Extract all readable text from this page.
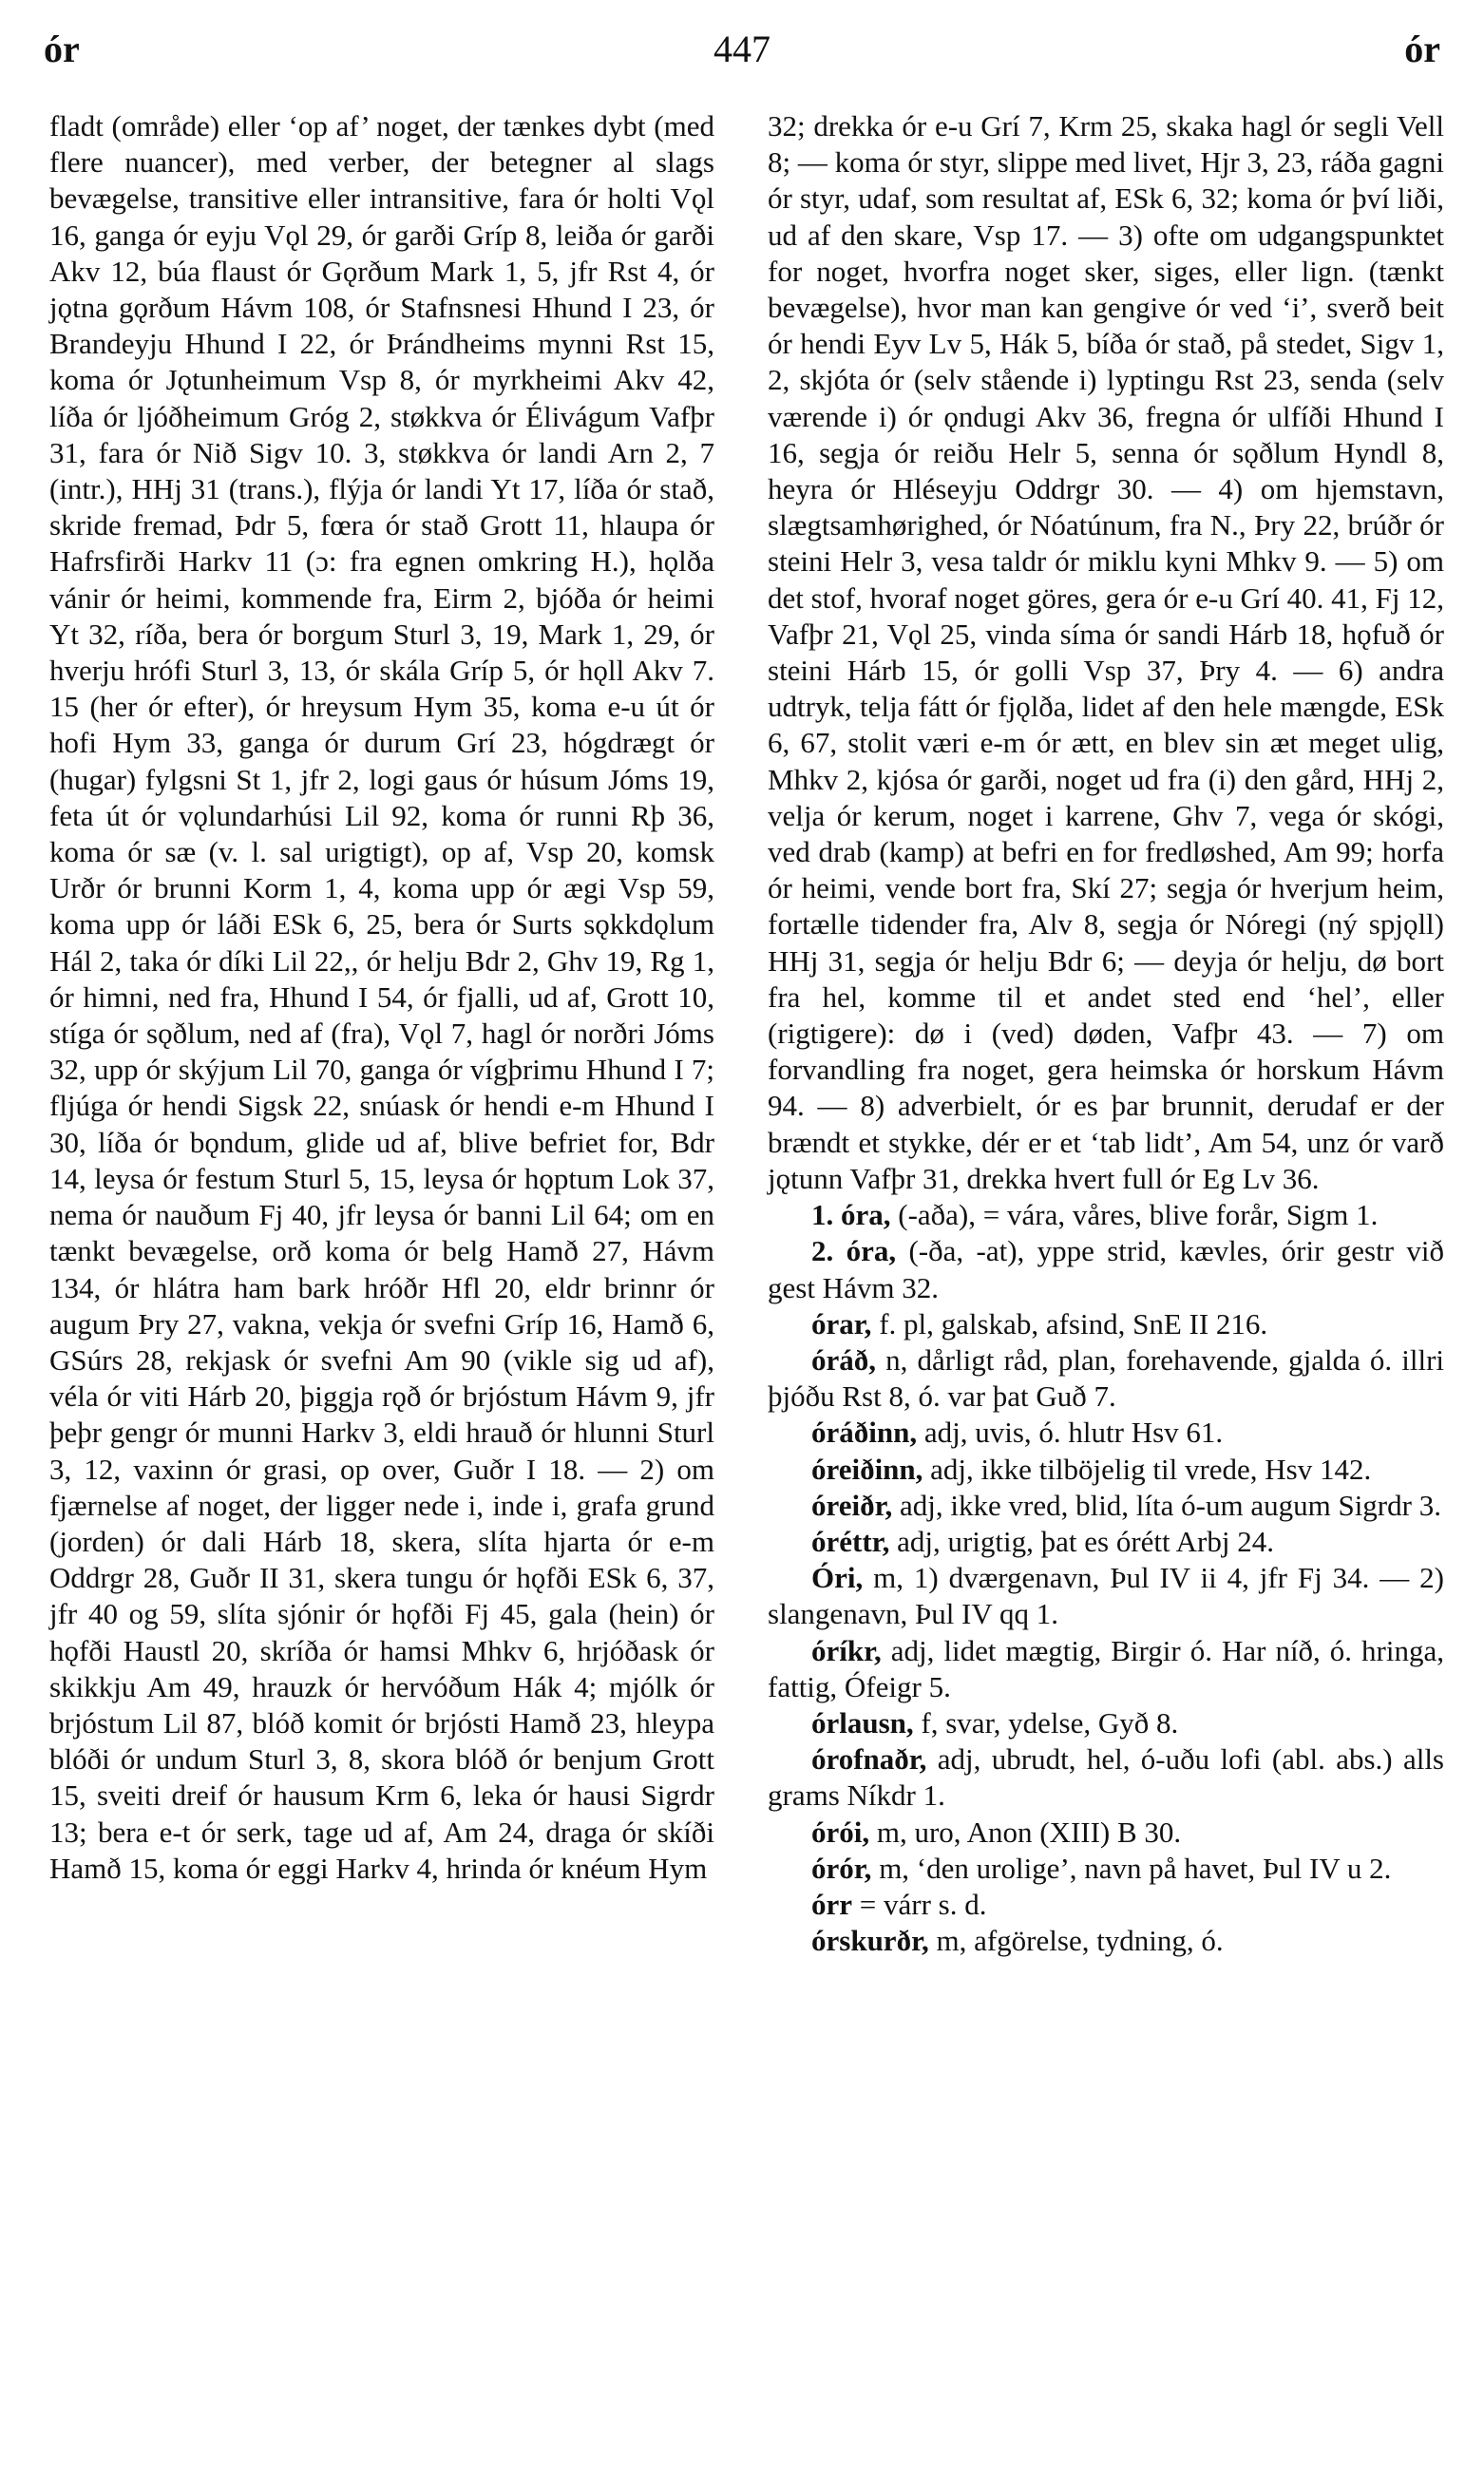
ór	447	ór

fladt (område) eller ‘op af’ noget, der tænkes dybt (med flere nuancer), med verber, der betegner al slags bevægelse, transitive eller intransitive, fara ór holti Vǫl 16, ganga ór eyju Vǫl 29, ór garði Gríp 8, leiða ór garði Akv 12, búa flaust ór Gǫrðum Mark 1, 5, jfr Rst 4, ór jǫtna gǫrðum Hávm 108, ór Stafnsnesi Hhund I 23, ór Brandeyju Hhund I 22, ór Þrándheims mynni Rst 15, koma ór Jǫtunheimum Vsp 8, ór myrkheimi Akv 42, líða ór ljóðheimum Gróg 2, støkkva ór Élivágum Vafþr 31, fara ór Nið Sigv 10. 3, støkkva ór landi Arn 2, 7 (intr.), HHj 31 (trans.), flýja ór landi Yt 17, líða ór stað, skride fremad, Þdr 5, fœra ór stað Grott 11, hlaupa ór Hafrsfirði Harkv 11 (ɔ: fra egnen omkring H.), hǫlða vánir ór heimi, kommende fra, Eirm 2, bjóða ór heimi Yt 32, ríða, bera ór borgum Sturl 3, 19, Mark 1, 29, ór hverju hrófi Sturl 3, 13, ór skála Gríp 5, ór hǫll Akv 7. 15 (her ór efter), ór hreysum Hym 35, koma e-u út ór hofi Hym 33, ganga ór durum Grí 23, hógdrægt ór (hugar) fylgsni St 1, jfr 2, logi gaus ór húsum Jóms 19, feta út ór vǫlundarhúsi Lil 92, koma ór runni Rþ 36, koma ór sæ (v. l. sal urigtigt), op af, Vsp 20, komsk Urðr ór brunni Korm 1, 4, koma upp ór ægi Vsp 59, koma upp ór láði ESk 6, 25, bera ór Surts sǫkkdǫlum Hál 2, taka ór díki Lil 22,, ór helju Bdr 2, Ghv 19, Rg 1, ór himni, ned fra, Hhund I 54, ór fjalli, ud af, Grott 10, stíga ór sǫðlum, ned af (fra), Vǫl 7, hagl ór norðri Jóms 32, upp ór skýjum Lil 70, ganga ór vígþrimu Hhund I 7; fljúga ór hendi Sigsk 22, snúask ór hendi e-m Hhund I 30, líða ór bǫndum, glide ud af, blive befriet for, Bdr 14, leysa ór festum Sturl 5, 15, leysa ór hǫptum Lok 37, nema ór nauðum Fj 40, jfr leysa ór banni Lil 64; om en tænkt bevægelse, orð koma ór belg Hamð 27, Hávm 134, ór hlátra ham bark hróðr Hfl 20, eldr brinnr ór augum Þry 27, vakna, vekja ór svefni Gríp 16, Hamð 6, GSúrs 28, rekjask ór svefni Am 90 (vikle sig ud af), véla ór viti Hárb 20, þiggja rǫð ór brjóstum Hávm 9, jfr þeþr gengr ór munni Harkv 3, eldi hrauð ór hlunni Sturl 3, 12, vaxinn ór grasi, op over, Guðr I 18. — 2) om fjærnelse af noget, der ligger nede i, inde i, grafa grund (jorden) ór dali Hárb 18, skera, slíta hjarta ór e-m Oddrgr 28, Guðr II 31, skera tungu ór hǫfði ESk 6, 37, jfr 40 og 59, slíta sjónir ór hǫfði Fj 45, gala (hein) ór hǫfði Haustl 20, skríða ór hamsi Mhkv 6, hrjóðask ór skikkju Am 49, hrauzk ór hervóðum Hák 4; mjólk ór brjóstum Lil 87, blóð komit ór brjósti Hamð 23, hleypa blóði ór undum Sturl 3, 8, skora blóð ór benjum Grott 15, sveiti dreif ór hausum Krm 6, leka ór hausi Sigrdr 13; bera e-t ór serk, tage ud af, Am 24, draga ór skíði Hamð 15, koma ór eggi Harkv 4, hrinda ór knéum Hym

32; drekka ór e-u Grí 7, Krm 25, skaka hagl ór segli Vell 8; — koma ór styr, slippe med livet, Hjr 3, 23, ráða gagni ór styr, udaf, som resultat af, ESk 6, 32; koma ór því liði, ud af den skare, Vsp 17. — 3) ofte om udgangspunktet for noget, hvorfra noget sker, siges, eller lign. (tænkt bevægelse), hvor man kan gengive ór ved ‘i’, sverð beit ór hendi Eyv Lv 5, Hák 5, bíða ór stað, på stedet, Sigv 1, 2, skjóta ór (selv stående i) lyptingu Rst 23, senda (selv værende i) ór ǫndugi Akv 36, fregna ór ulfíði Hhund I 16, segja ór reiðu Helr 5, senna ór sǫðlum Hyndl 8, heyra ór Hléseyju Oddrgr 30. — 4) om hjemstavn, slægtsamhørighed, ór Nóatúnum, fra N., Þry 22, brúðr ór steini Helr 3, vesa taldr ór miklu kyni Mhkv 9. — 5) om det stof, hvoraf noget göres, gera ór e-u Grí 40. 41, Fj 12, Vafþr 21, Vǫl 25, vinda síma ór sandi Hárb 18, hǫfuð ór steini Hárb 15, ór golli Vsp 37, Þry 4. — 6) andra udtryk, telja fátt ór fjǫlða, lidet af den hele mængde, ESk 6, 67, stolit væri e-m ór ætt, en blev sin æt meget ulig, Mhkv 2, kjósa ór garði, noget ud fra (i) den gård, HHj 2, velja ór kerum, noget i karrene, Ghv 7, vega ór skógi, ved drab (kamp) at befri en for fredløshed, Am 99; horfa ór heimi, vende bort fra, Skí 27; segja ór hverjum heim, fortælle tidender fra, Alv 8, segja ór Nóregi (ný spjǫll) HHj 31, segja ór helju Bdr 6; — deyja ór helju, dø bort fra hel, komme til et andet sted end ‘hel’, eller (rigtigere): dø i (ved) døden, Vafþr 43. — 7) om forvandling fra noget, gera heimska ór horskum Hávm 94. — 8) adverbielt, ór es þar brunnit, derudaf er der brændt et stykke, dér er et ‘tab lidt’, Am 54, unz ór varð jǫtunn Vafþr 31, drekka hvert full ór Eg Lv 36.

1. óra, (-aða), = vára, våres, blive forår, Sigm 1.

2. óra, (-ða, -at), yppe strid, kævles, órir gestr við gest Hávm 32.

órar, f. pl, galskab, afsind, SnE II 216.

óráð, n, dårligt råd, plan, forehavende, gjalda ó. illri þjóðu Rst 8, ó. var þat Guð 7.

óráðinn, adj, uvis, ó. hlutr Hsv 61.

óreiðinn, adj, ikke tilböjelig til vrede, Hsv 142.

óreiðr, adj, ikke vred, blid, líta ó-um augum Sigrdr 3.

óréttr, adj, urigtig, þat es órétt Arbj 24.

Óri, m, 1) dværgenavn, Þul IV ii 4, jfr Fj 34. — 2) slangenavn, Þul IV qq 1.

óríkr, adj, lidet mægtig, Birgir ó. Har níð, ó. hringa, fattig, Ófeigr 5.

órlausn, f, svar, ydelse, Gyð 8.

órofnaðr, adj, ubrudt, hel, ó-uðu lofi (abl. abs.) alls grams Níkdr 1.

órói, m, uro, Anon (XIII) B 30.

órór, m, ‘den urolige’, navn på havet, Þul IV u 2.

órr = várr s. d.

órskurðr, m, afgörelse, tydning, ó.
